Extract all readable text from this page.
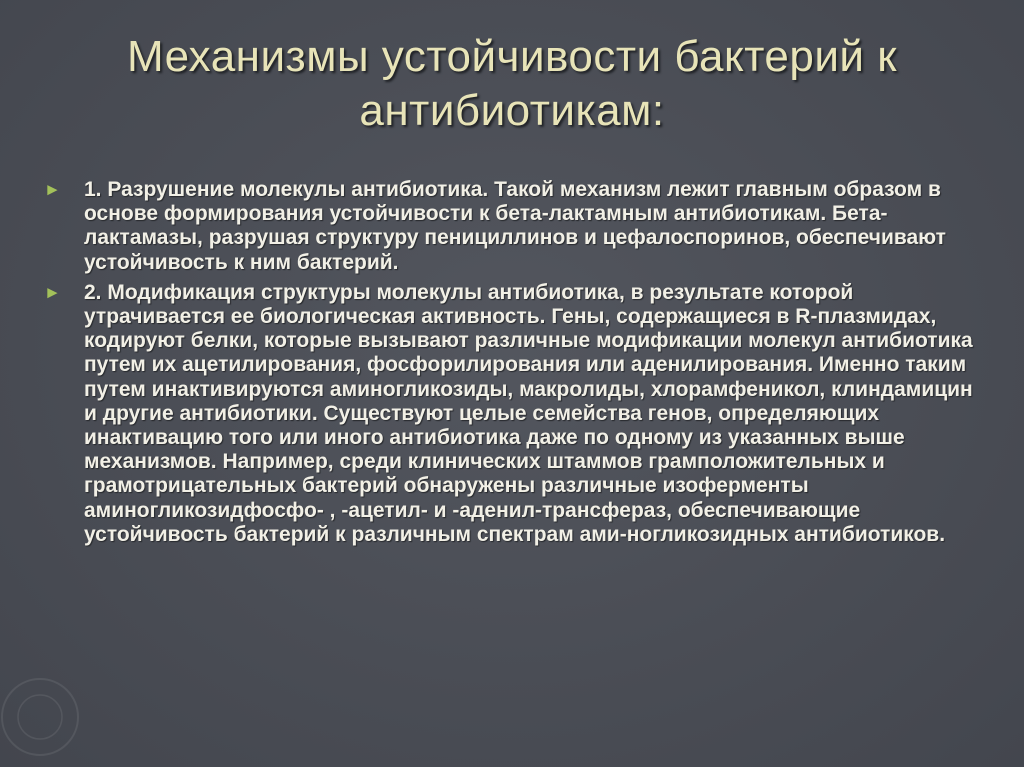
Механизмы устойчивости бактерий к антибиотикам:
►	1. Разрушение молекулы антибиотика. Такой механизм лежит главным образом в основе формирования устойчивости к бета-лактамным антибиотикам. Бета-лактамазы, разрушая структуру пенициллинов и цефалоспоринов, обеспечивают устойчивость к ним бактерий.
►	2. Модификация структуры молекулы антибиотика, в результате которой утрачивается ее биологическая активность. Гены, содержащиеся в R-плазмидах, кодируют белки, которые вызывают различные модификации молекул антибиотика путем их ацетилирования, фосфорилирования или аденилирования. Именно таким путем инактивируются аминогликозиды, макролиды, хлорамфеникол, клиндамицин и другие антибиотики. Существуют целые семейства генов, определяющих инактивацию того или иного антибиотика даже по одному из указанных выше механизмов. Например, среди клинических штаммов грамположительных и грамотрицательных бактерий обнаружены различные изоферменты аминогликозидфосфо- , -ацетил- и -аденил-трансфераз, обеспечивающие устойчивость бактерий к различным спектрам ами-ногликозидных антибиотиков.
